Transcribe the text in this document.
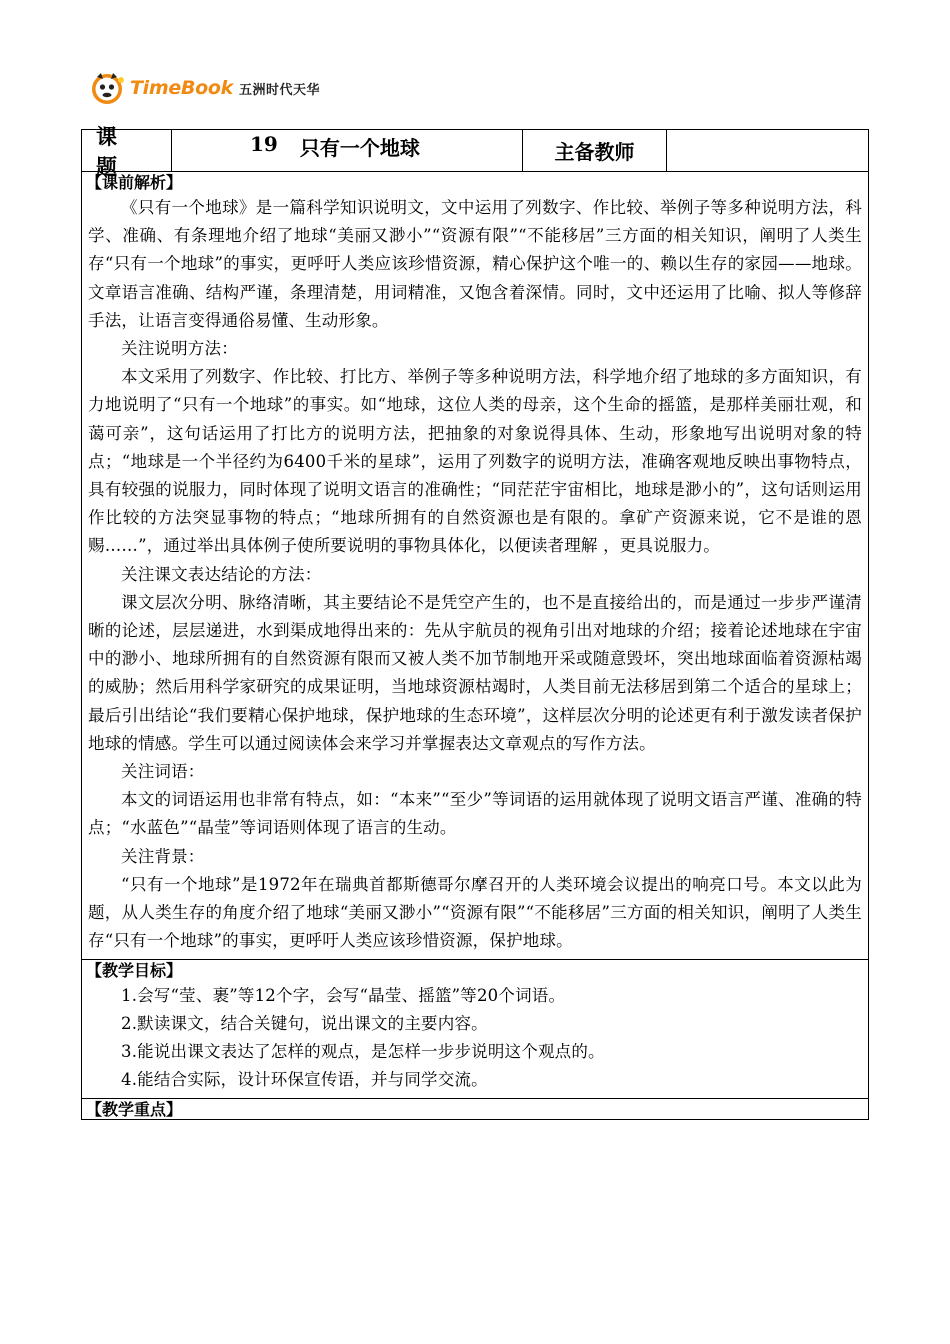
TimeBook 五洲时代天华
课 题
19 只有一个地球	主备教师
【课前解析】

《只有一个地球》是一篇科学知识说明文，文中运用了列数字、作比较、举例子等多种说明方法，科学、准确、有条理地介绍了地球“美丽又渺小”“资源有限”“不能移居”三方面的相关知识，阐明了人类生存“只有一个地球”的事实，更呼吁人类应该珍惜资源，精心保护这个唯一的、赖以生存的家园——地球。文章语言准确、结构严谨，条理清楚，用词精准，又饱含着深情。同时，文中还运用了比喻、拟人等修辞手法，让语言变得通俗易懂、生动形象。

关注说明方法：

本文采用了列数字、作比较、打比方、举例子等多种说明方法，科学地介绍了地球的多方面知识，有力地说明了“只有一个地球”的事实。如“地球，这位人类的母亲，这个生命的摇篮，是那样美丽壮观，和蔼可亲”，这句话运用了打比方的说明方法，把抽象的对象说得具体、生动，形象地写出说明对象的特点；“地球是一个半径约为6400千米的星球”，运用了列数字的说明方法，准确客观地反映出事物特点，具有较强的说服力，同时体现了说明文语言的准确性；“同茫茫宇宙相比，地球是渺小的”，这句话则运用作比较的方法突显事物的特点；“地球所拥有的自然资源也是有限的。拿矿产资源来说，它不是谁的恩赐……”，通过举出具体例子使所要说明的事物具体化，以便读者理解 ，更具说服力。

关注课文表达结论的方法：

课文层次分明、脉络清晰，其主要结论不是凭空产生的，也不是直接给出的，而是通过一步步严谨清晰的论述，层层递进，水到渠成地得出来的：先从宇航员的视角引出对地球的介绍；接着论述地球在宇宙中的渺小、地球所拥有的自然资源有限而又被人类不加节制地开采或随意毁坏，突出地球面临着资源枯竭的威胁；然后用科学家研究的成果证明，当地球资源枯竭时，人类目前无法移居到第二个适合的星球上；最后引出结论“我们要精心保护地球，保护地球的生态环境”，这样层次分明的论述更有利于激发读者保护地球的情感。学生可以通过阅读体会来学习并掌握表达文章观点的写作方法。

关注词语：

本文的词语运用也非常有特点，如：“本来”“至少”等词语的运用就体现了说明文语言严谨、准确的特点；“水蓝色”“晶莹”等词语则体现了语言的生动。

关注背景：

“只有一个地球”是1972年在瑞典首都斯德哥尔摩召开的人类环境会议提出的响亮口号。本文以此为题，从人类生存的角度介绍了地球“美丽又渺小”“资源有限”“不能移居”三方面的相关知识，阐明了人类生存“只有一个地球”的事实，更呼吁人类应该珍惜资源，保护地球。

【教学目标】

1.会写“莹、裹”等12个字，会写“晶莹、摇篮”等20个词语。

2.默读课文，结合关键句，说出课文的主要内容。

3.能说出课文表达了怎样的观点，是怎样一步步说明这个观点的。

4.能结合实际，设计环保宣传语，并与同学交流。

【教学重点】
